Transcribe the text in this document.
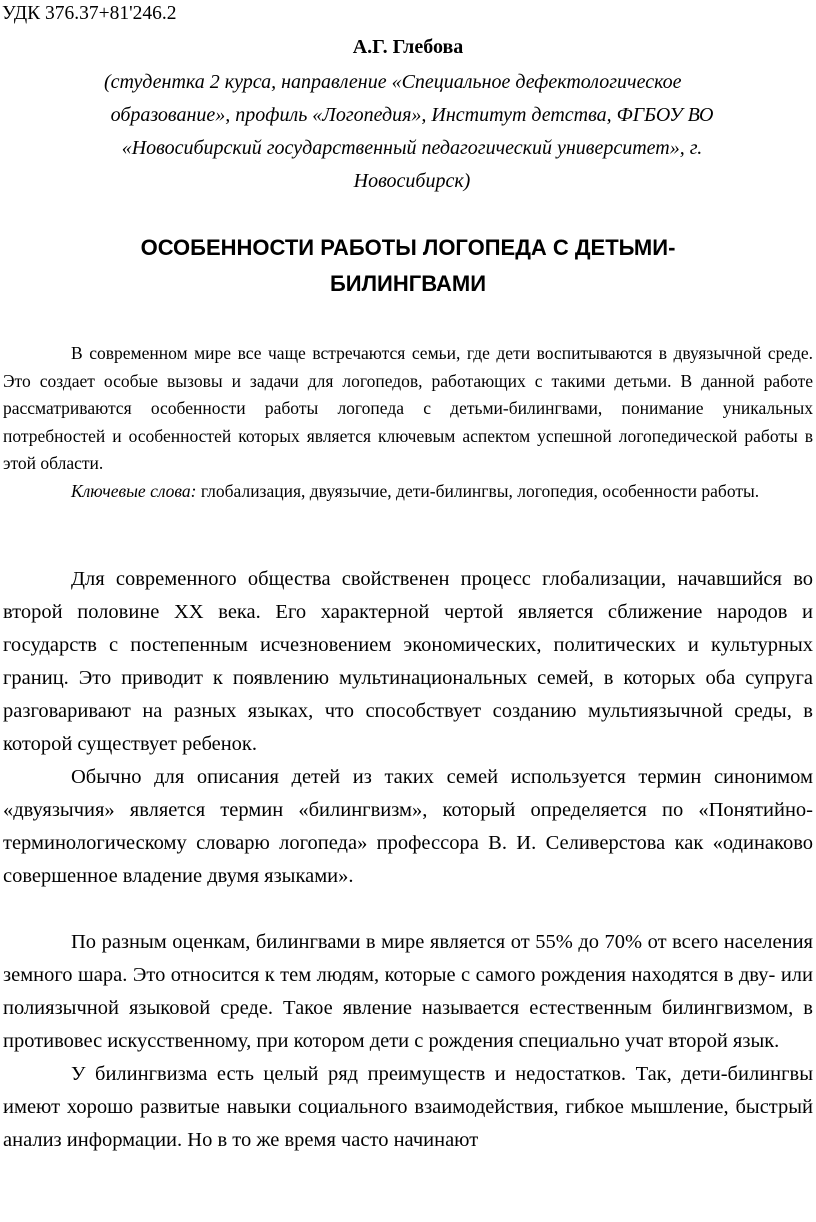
УДК 376.37+81'246.2
А.Г. Глебова
(студентка 2 курса, направление «Специальное дефектологическое
образование», профиль «Логопедия», Институт детства, ФГБОУ ВО
«Новосибирский государственный педагогический университет», г.
Новосибирск)
ОСОБЕННОСТИ РАБОТЫ ЛОГОПЕДА С ДЕТЬМИ-
БИЛИНГВАМИ

В современном мире все чаще встречаются семьи, где дети воспитываются в двуязычной среде. Это создает особые вызовы и задачи для логопедов, работающих с такими детьми. В данной работе рассматриваются особенности работы логопеда с детьми-билингвами, понимание уникальных потребностей и особенностей которых является ключевым аспектом успешной логопедической работы в этой области.

Ключевые слова: глобализация, двуязычие, дети-билингвы, логопедия, особенности работы.

Для современного общества свойственен процесс глобализации, начавшийся во второй половине XX века. Его характерной чертой является сближение народов и государств с постепенным исчезновением экономических, политических и культурных границ. Это приводит к появлению мультинациональных семей, в которых оба супруга разговаривают на разных языках, что способствует созданию мультиязычной среды, в которой существует ребенок.

Обычно для описания детей из таких семей используется термин синонимом «двуязычия» является термин «билингвизм», который определяется по «Понятийно-терминологическому словарю логопеда» профессора В. И. Селиверстова как «одинаково совершенное владение двумя языками».

По разным оценкам, билингвами в мире является от 55% до 70% от всего населения земного шара. Это относится к тем людям, которые с самого рождения находятся в дву- или полиязычной языковой среде. Такое явление называется естественным билингвизмом, в противовес искусственному, при котором дети с рождения специально учат второй язык.

У билингвизма есть целый ряд преимуществ и недостатков. Так, дети-билингвы имеют хорошо развитые навыки социального взаимодействия, гибкое мышление, быстрый анализ информации. Но в то же время часто начинают
